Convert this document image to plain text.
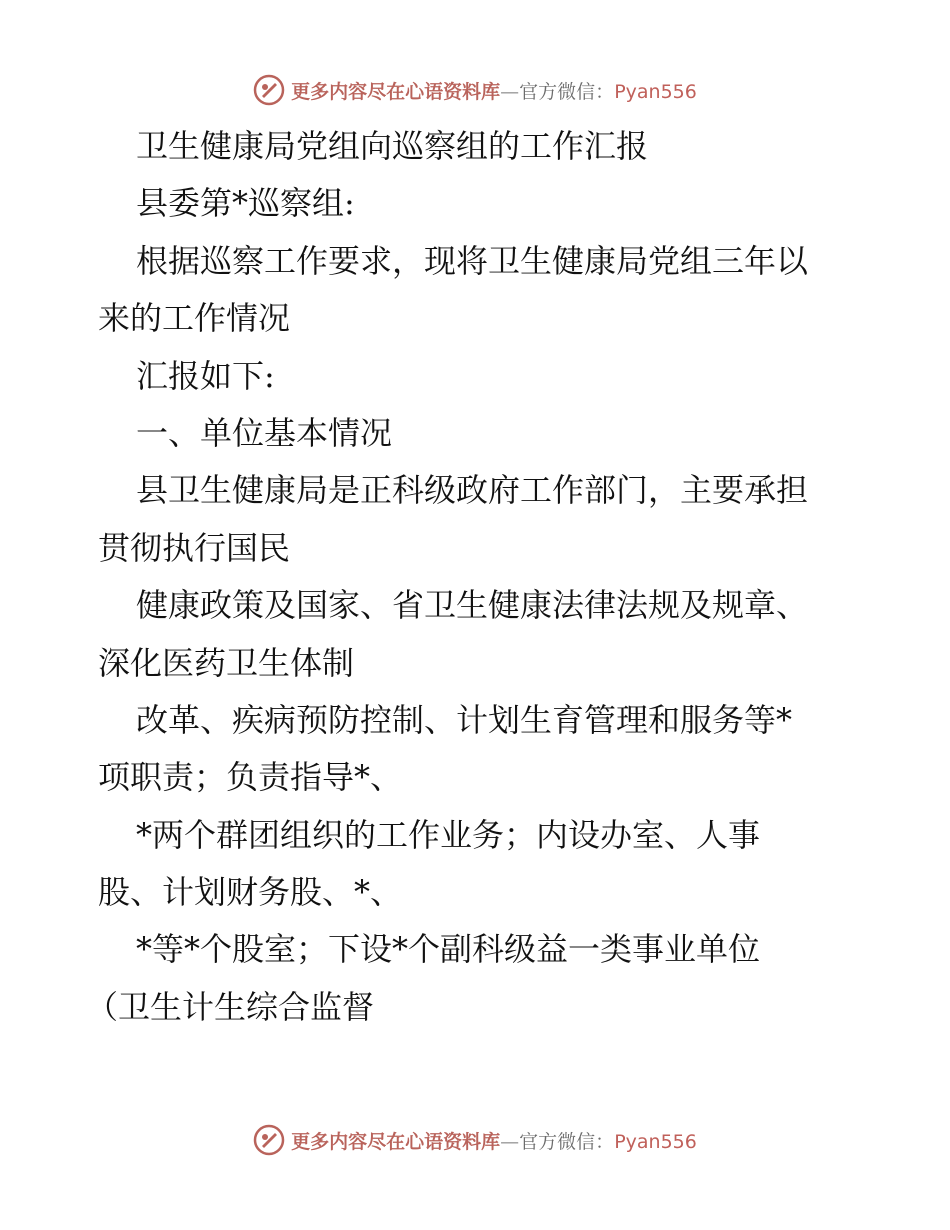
更多内容尽在心语资料库—官方微信：Pyan556
卫生健康局党组向巡察组的工作汇报
县委第*巡察组:
根据巡察工作要求，现将卫生健康局党组三年以
来的工作情况
汇报如下:
一、单位基本情况
县卫生健康局是正科级政府工作部门，主要承担
贯彻执行国民
健康政策及国家、省卫生健康法律法规及规章、
深化医药卫生体制
改革、疾病预防控制、计划生育管理和服务等*
项职责；负责指导*、
*两个群团组织的工作业务；内设办室、人事
股、计划财务股、*、
*等*个股室；下设*个副科级益一类事业单位
（卫生计生综合监督
更多内容尽在心语资料库—官方微信：Pyan556
